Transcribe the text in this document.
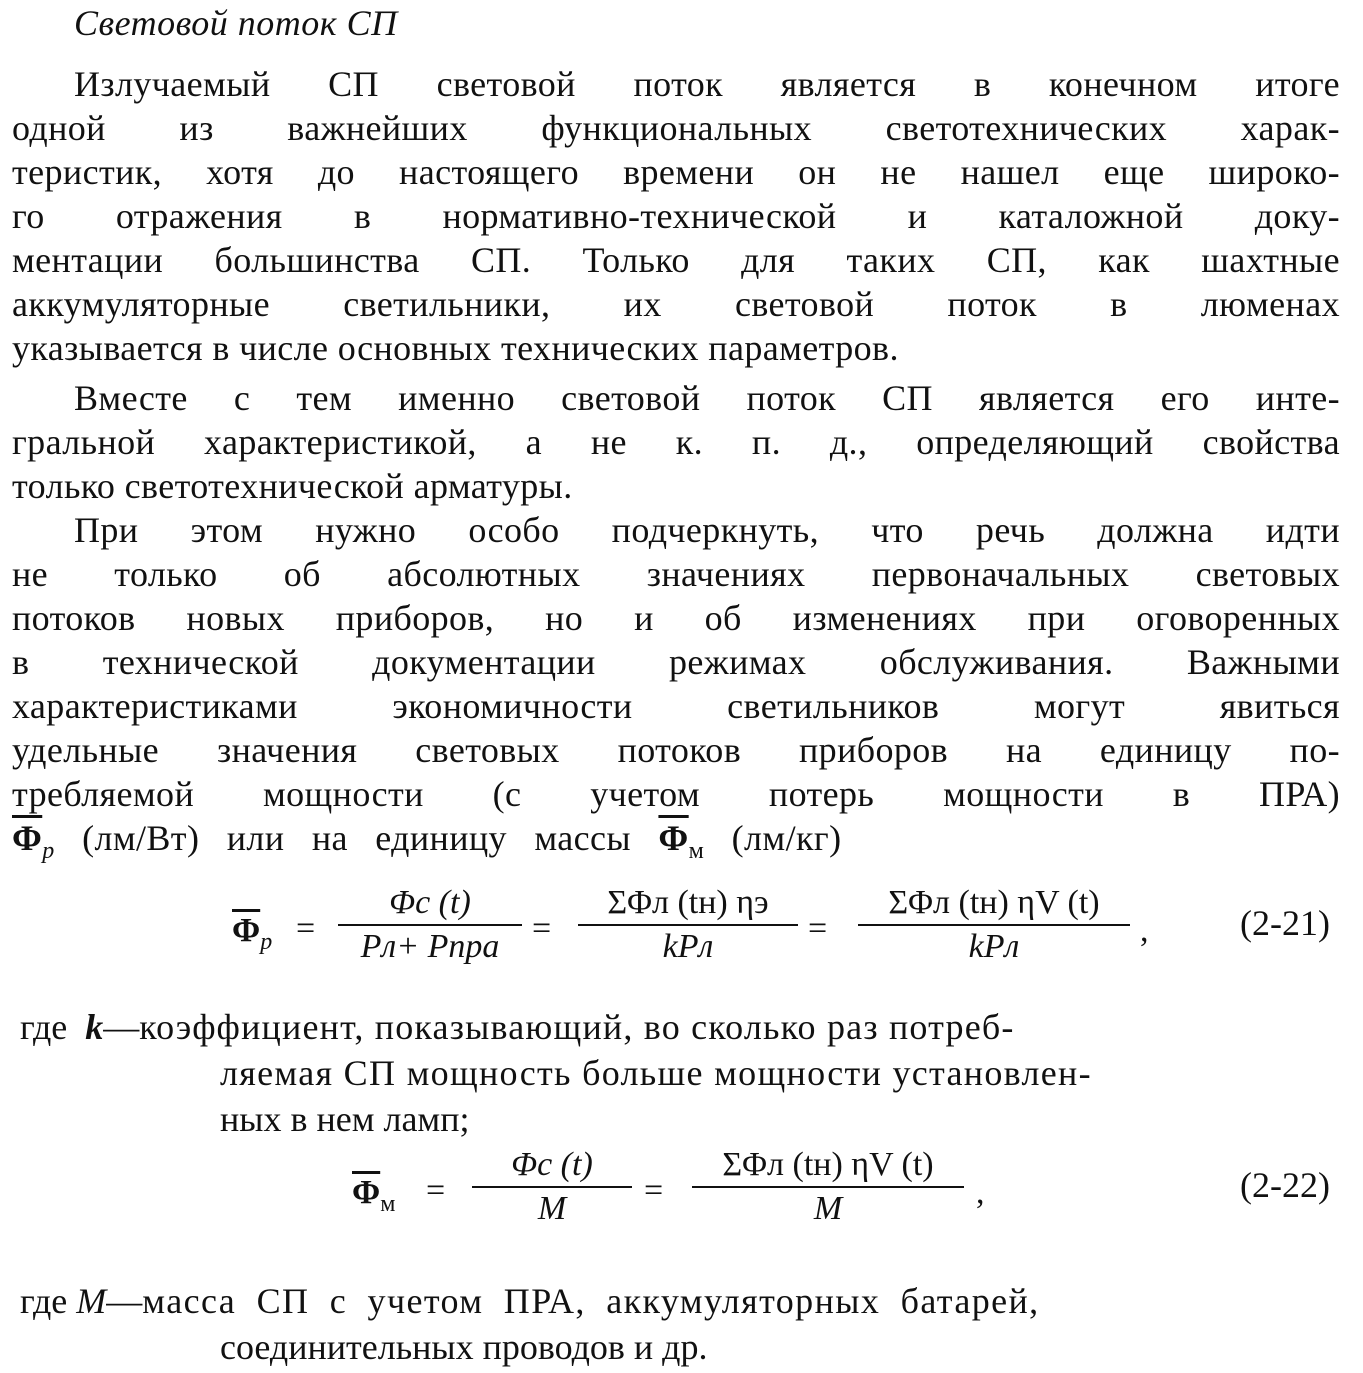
Световой поток СП
Излучаемый СП световой поток является в конечном итоге
одной из важнейших функциональных светотехнических харак-
теристик, хотя до настоящего времени он не нашел еще широко-
го отражения в нормативно-технической и каталожной доку-
ментации большинства СП. Только для таких СП, как шахтные
аккумуляторные светильники, их световой поток в люменах
указывается в числе основных технических параметров.
Вместе с тем именно световой поток СП является его инте-
гральной характеристикой, а не к. п. д., определяющий свойства
только светотехнической арматуры.
При этом нужно особо подчеркнуть, что речь должна идти
не только об абсолютных значениях первоначальных световых
потоков новых приборов, но и об изменениях при оговоренных
в технической документации режимах обслуживания. Важными
характеристиками экономичности светильников могут явиться
удельные значения световых потоков приборов на единицу по-
требляемой мощности (с учетом потерь мощности в ПРА)
$\overline{\Phi}_p$ (лм/Вт) или на единицу массы $\overline{\Phi}_м$ (лм/кг)
$\overline{\Phi}_p$ =
Φс (t)
Pл+ Pпра =
ΣΦл (tн) ηэ
kPл	=
ΣΦл (tн) ηV (t)
kPл	,	(2-21)
где k—коэффициент, показывающий, во сколько раз потреб-
ляемая СП мощность больше мощности установлен-
ных в нем ламп;
$\overline{\Phi}_м$ =
Φс (t)
M	=
ΣΦл (tн) ηV (t)
M	,	(2-22)
где M—масса СП с учетом ПРА, аккумуляторных батарей,
соединительных проводов и др.
